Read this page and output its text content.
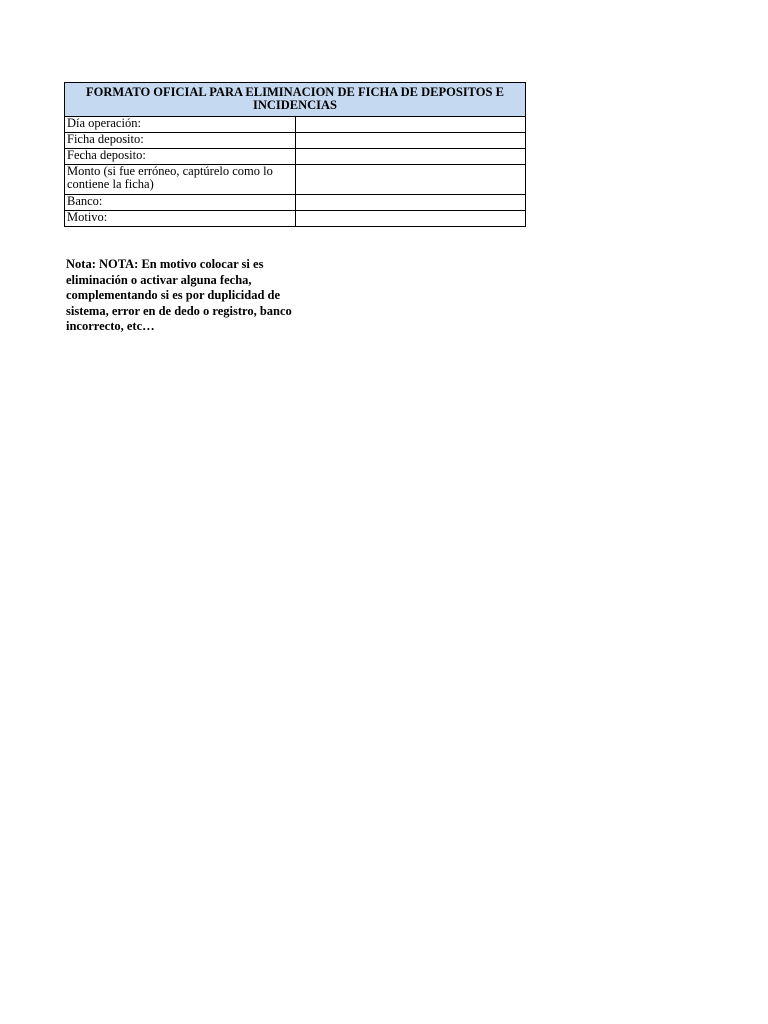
FORMATO OFICIAL PARA ELIMINACION DE FICHA DE DEPOSITOS E INCIDENCIAS	
Día operación:	
Ficha deposito:	
Fecha deposito:	
Monto (si fue erróneo, captúrelo como lo contiene la ficha)	
Banco:	
Motivo:	

Nota: NOTA: En motivo colocar si es eliminación o activar alguna fecha, complementando si es por duplicidad de sistema, error en de dedo o registro, banco incorrecto, etc…
